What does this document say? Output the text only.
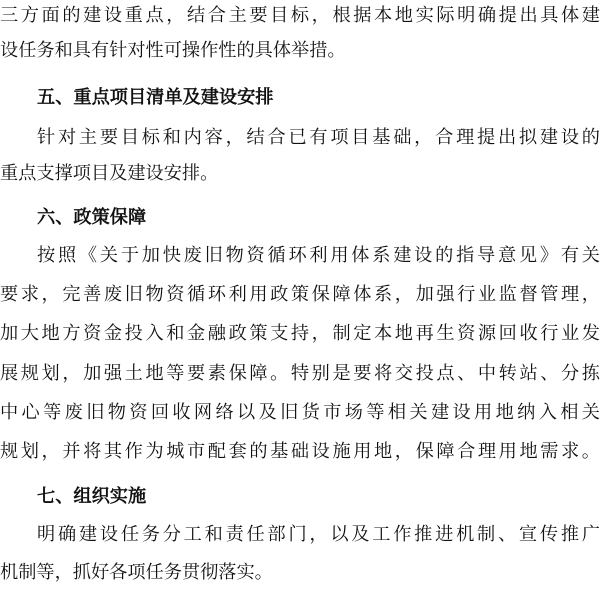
三方面的建设重点，结合主要目标，根据本地实际明确提出具体建
设任务和具有针对性可操作性的具体举措。
五、重点项目清单及建设安排
针对主要目标和内容，结合已有项目基础，合理提出拟建设的
重点支撑项目及建设安排。
六、政策保障
按照《关于加快废旧物资循环利用体系建设的指导意见》有关
要求，完善废旧物资循环利用政策保障体系，加强行业监督管理，
加大地方资金投入和金融政策支持，制定本地再生资源回收行业发
展规划，加强土地等要素保障。特别是要将交投点、中转站、分拣
中心等废旧物资回收网络以及旧货市场等相关建设用地纳入相关
规划，并将其作为城市配套的基础设施用地，保障合理用地需求。
七、组织实施
明确建设任务分工和责任部门，以及工作推进机制、宣传推广
机制等，抓好各项任务贯彻落实。
